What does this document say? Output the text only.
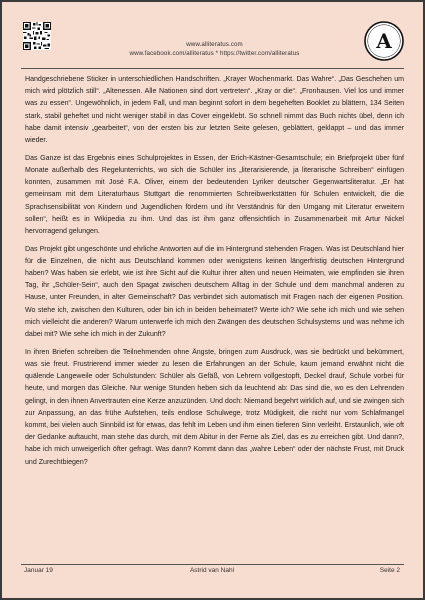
www.alliteratus.com
www.facebook.com/alliteratus * https://twitter.com/alliteratus
A

Handgeschriebene Sticker in unterschiedlichen Handschriften. „Krayer Wochenmarkt. Das Wahre“. „Das Geschehen um mich wird plötzlich still“. „Altenessen. Alle Nationen sind dort vertreten“. „Kray or die“. „Fronhausen. Viel los und immer was zu essen“. Ungewöhnlich, in jedem Fall, und man beginnt sofort in dem begeheften Booklet zu blättern, 134 Seiten stark, stabil geheftet und nicht weniger stabil in das Cover eingeklebt. So schnell nimmt das Buch nichts übel, denn ich habe damit intensiv „gearbeitet“, von der ersten bis zur letzten Seite gelesen, geblättert, geklappt – und das immer wieder.

Das Ganze ist das Ergebnis eines Schulprojektes in Essen, der Erich-Kästner-Gesamtschule; ein Briefprojekt über fünf Monate außerhalb des Regelunterrichts, wo sich die Schüler ins „literarisierende, ja literarische Schreiben“ einfügen konnten, zusammen mit José F.A. Oliver, einem der bedeutenden Lyriker deutscher Gegenwartsliteratur. „Er hat gemeinsam mit dem Literaturhaus Stuttgart die renommierten Schreibwerkstätten für Schulen entwickelt, die die Sprachsensibilität von Kindern und Jugendlichen fördern und ihr Verständnis für den Umgang mit Literatur erweitern sollen“, heißt es in Wikipedia zu ihm. Und das ist ihm ganz offensichtlich in Zusammenarbeit mit Artur Nickel hervorragend gelungen.

Das Projekt gibt ungeschönte und ehrliche Antworten auf die im Hintergrund stehenden Fragen. Was ist Deutschland hier für die Einzelnen, die nicht aus Deutschland kommen oder wenigstens keinen längerfristig deutschen Hintergrund haben? Was haben sie erlebt, wie ist ihre Sicht auf die Kultur ihrer alten und neuen Heimaten, wie empfinden sie ihren Tag, ihr „Schüler-Sein“, auch den Spagat zwischen deutschem Alltag in der Schule und dem manchmal anderen zu Hause, unter Freunden, in alter Gemeinschaft? Das verbindet sich automatisch mit Fragen nach der eigenen Position. Wo stehe ich, zwischen den Kulturen, oder bin ich in beiden beheimatet? Werte ich? Wie sehe ich mich und wie sehen mich vielleicht die anderen? Warum unterwerfe ich mich den Zwängen des deutschen Schulsystems und was nehme ich dabei mit? Wie sehe ich mich in der Zukunft?

In ihren Briefen schreiben die Teilnehmenden ohne Ängste, bringen zum Ausdruck, was sie bedrückt und bekümmert, was sie freut. Frustrierend immer wieder zu lesen die Erfahrungen an der Schule, kaum jemand erwähnt nicht die quälende Langeweile oder Schulstunden: Schüler als Gefäß, von Lehrern vollgestopft, Deckel drauf, Schule vorbei für heute, und morgen das Gleiche. Nur wenige Stunden heben sich da leuchtend ab: Das sind die, wo es den Lehrenden gelingt, in den ihnen Anvertrauten eine Kerze anzuzünden. Und doch: Niemand begehrt wirklich auf, und sie zwingen sich zur Anpassung, an das frühe Aufstehen, teils endlose Schulwege, trotz Müdigkeit, die nicht nur vom Schlafmangel kommt, bei vielen auch Sinnbild ist für etwas, das fehlt im Leben und ihm einen tieferen Sinn verleiht. Erstaunlich, wie oft der Gedanke auftaucht, man stehe das durch, mit dem Abitur in der Ferne als Ziel, das es zu erreichen gibt. Und dann?, habe ich mich unweigerlich öfter gefragt. Was dann? Kommt dann das „wahre Leben“ oder der nächste Frust, mit Druck und Zurechtbiegen?

Januar 19	Astrid van Nahl	Seite 2
